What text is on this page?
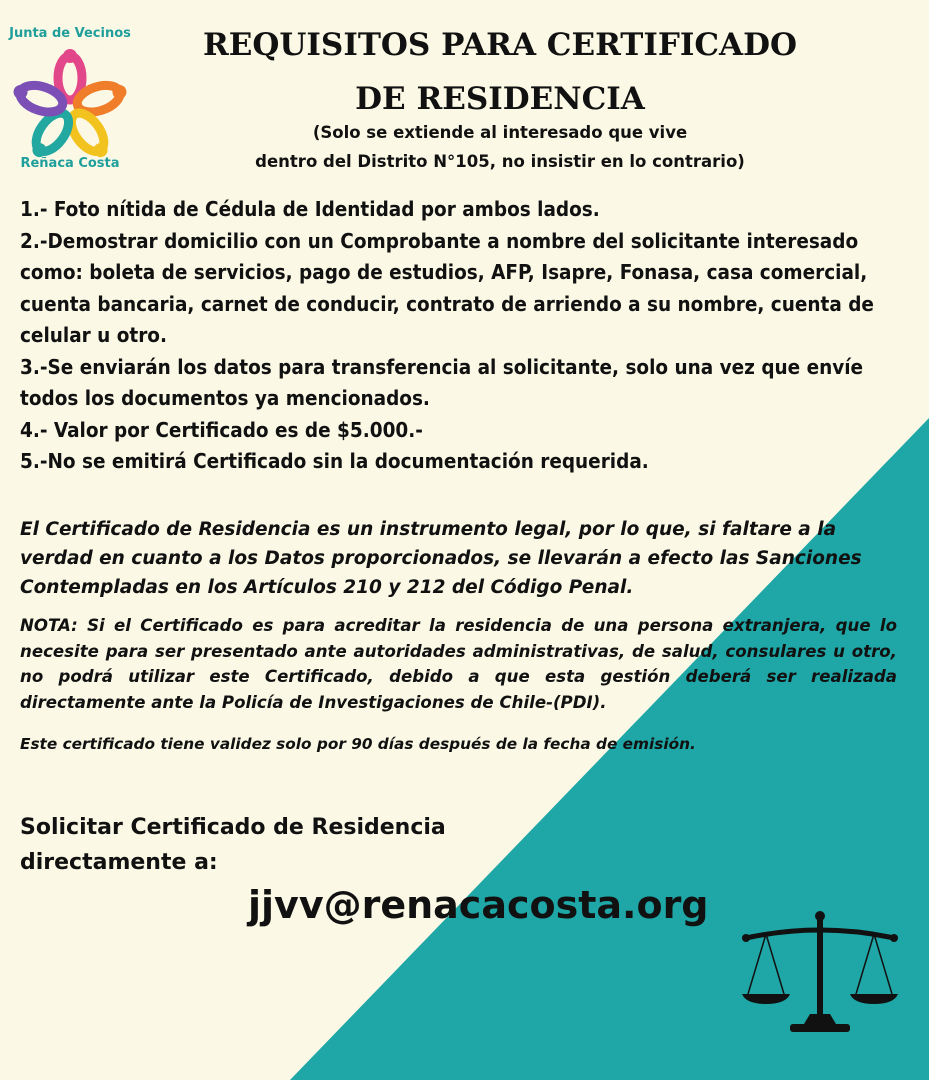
Junta de Vecinos
Reñaca Costa
REQUISITOS PARA CERTIFICADO
DE RESIDENCIA

(Solo se extiende al interesado que vive
dentro del Distrito N°105, no insistir en lo contrario)

1.- Foto nítida de Cédula de Identidad por ambos lados.
2.-Demostrar domicilio con un Comprobante a nombre del solicitante interesado como: boleta de servicios, pago de estudios, AFP, Isapre, Fonasa, casa comercial, cuenta bancaria, carnet de conducir, contrato de arriendo a su nombre, cuenta de celular u otro.
3.-Se enviarán los datos para transferencia al solicitante, solo una vez que envíe todos los documentos ya mencionados.
4.- Valor por Certificado es de $5.000.-
5.-No se emitirá Certificado sin la documentación requerida.

El Certificado de Residencia es un instrumento legal, por lo que, si faltare a la verdad en cuanto a los Datos proporcionados, se llevarán a efecto las Sanciones Contempladas en los Artículos 210 y 212 del Código Penal.

NOTA: Si el Certificado es para acreditar la residencia de una persona extranjera, que lo necesite para ser presentado ante autoridades administrativas, de salud, consulares u otro, no podrá utilizar este Certificado, debido a que esta gestión deberá ser realizada directamente ante la Policía de Investigaciones de Chile-(PDI).

Este certificado tiene validez solo por 90 días después de la fecha de emisión.

Solicitar Certificado de Residencia
directamente a:

jjvv@renacacosta.org
